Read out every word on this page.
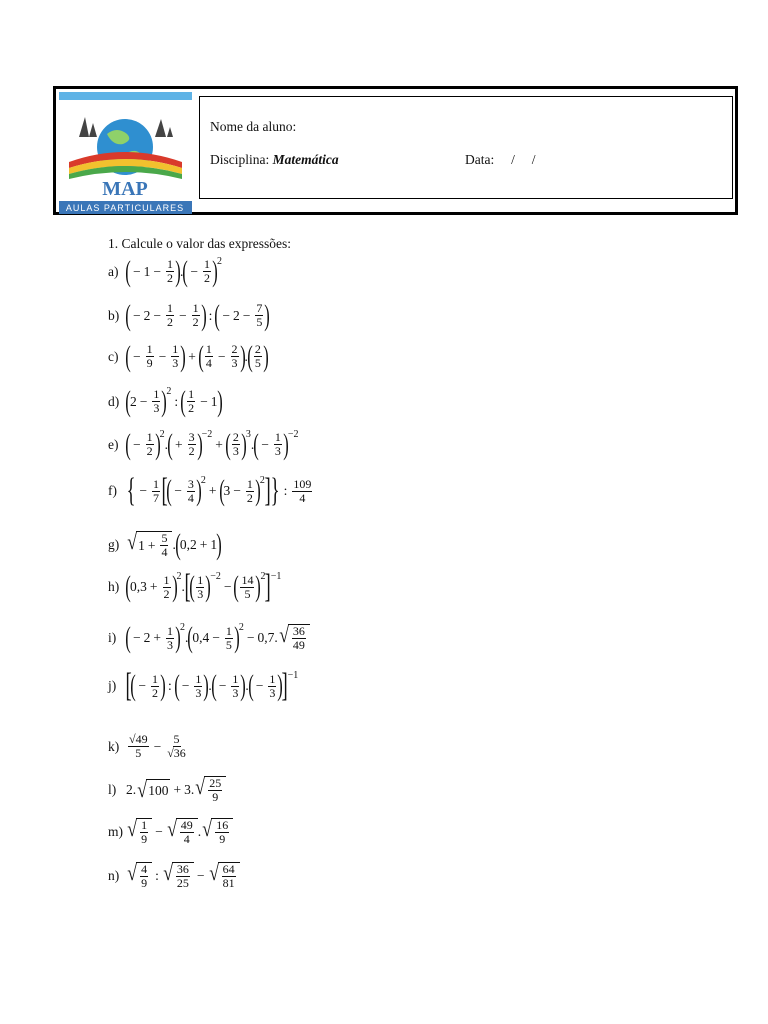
MAP
AULAS PARTICULARES
Nome da aluno:
Disciplina: Matemática	Data: /     /
1. Calcule o valor das expressões:
a) ( − $1 - \frac{1}{2}$ ) . ( − $\frac{1}{2}$ ) 2
b) ( − $2 - \frac{1}{2} - \frac{1}{2}$ ) : ( − $2 - \frac{7}{5}$ )
c) ( − $\frac{1}{9} - \frac{1}{3}$ ) + ( $\frac{1}{4} - \frac{2}{3}$ ) . ( $\frac{2}{5}$ )
d) ( $2 - \frac{1}{3}$ ) 2
: ( $\frac{1}{2} - 1$ )
e) ( − $\frac{1}{2}$ ) 2
. ( + $\frac{3}{2}$ ) −2
+ ( $\frac{2}{3}$ ) 3
. ( − $\frac{1}{3}$ ) −2
f) { − $\frac{1}{7}$ [
( − $\frac{3}{4}$ ) 2
+ ( $3 - \frac{1}{2}$ ) 2 ] } : $\frac{109}{4}$
g) √ $1 + \frac{5}{4}$ . ( 0,2 + 1 )
h) ( $0,3 + \frac{1}{2}$ ) 2
. [
( $\frac{1}{3}$ ) −2
− ( $\frac{14}{5}$ ) 2 ] −1
i) ( − $2 + \frac{1}{3}$ ) 2
. ( $0,4 - \frac{1}{5}$ ) 2
− 0,7. √ $\frac{36}{49}$
j) [
( − $\frac{1}{2}$ ) : ( − $\frac{1}{3}$ ) . ( − $\frac{1}{3}$ ) . ( − $\frac{1}{3}$ )
] −1
$k) \frac{√49}{5} - \frac{5}{√36}$
l) 2. √ 100 + 3. √ $\frac{25}{9}$
m) √ $\frac{1}{9}$ − √ $\frac{49}{4}$ . √ $\frac{16}{9}$
n) √ $\frac{4}{9}$ : √ $\frac{36}{25}$ − √ $\frac{64}{81}$
